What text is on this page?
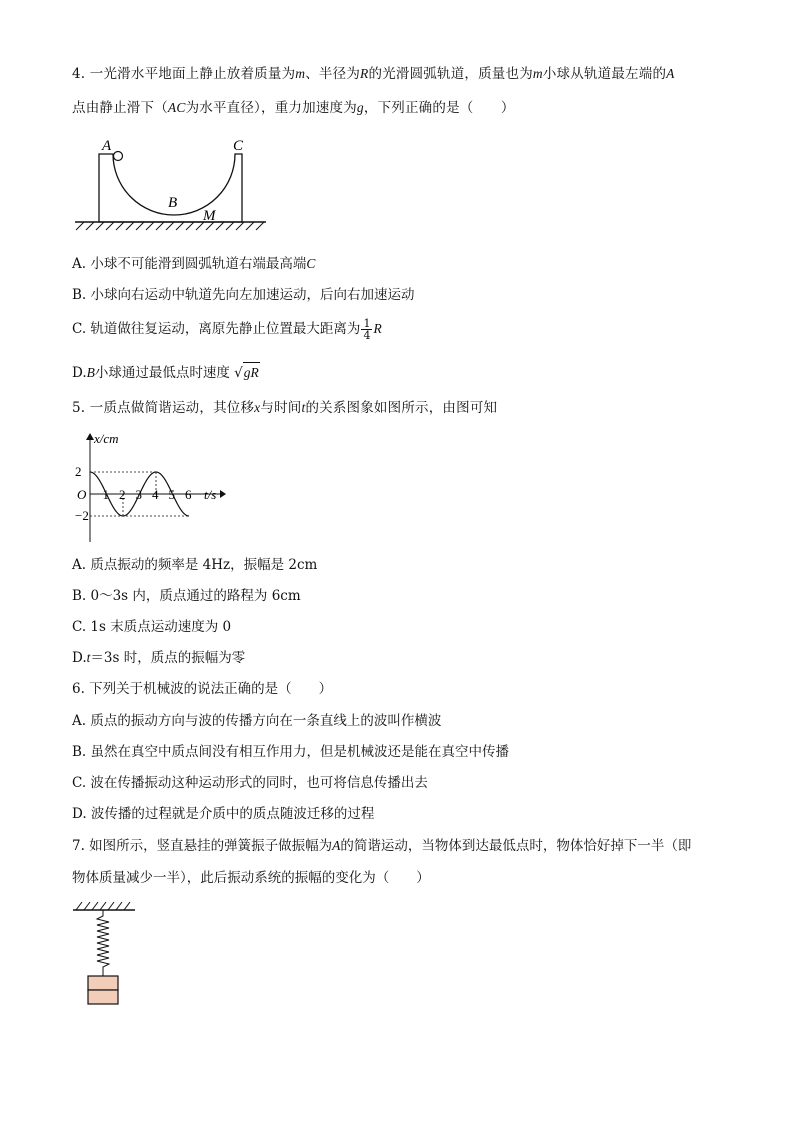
4. 一光滑水平地面上静止放着质量为m、半径为R的光滑圆弧轨道，质量也为m小球从轨道最左端的A
点由静止滑下（AC为水平直径），重力加速度为g，下列正确的是（　　）
A	C
B
M
A. 小球不可能滑到圆弧轨道右端最高端C
B. 小球向右运动中轨道先向左加速运动，后向右加速运动
C. 轨道做往复运动，离原先静止位置最大距离为 $\frac{1}{4}$ R
D.B小球通过最低点时速度 √gR
5. 一质点做简谐运动，其位移x与时间t的关系图象如图所示，由图可知
x/cm
t/s
O 1 2 3 4 5 6
2
−2
A. 质点振动的频率是 4Hz，振幅是 2cm
B. 0～3s 内，质点通过的路程为 6cm
C. 1s 末质点运动速度为 0
D.t＝3s 时，质点的振幅为零
6. 下列关于机械波的说法正确的是（　　）
A. 质点的振动方向与波的传播方向在一条直线上的波叫作横波
B. 虽然在真空中质点间没有相互作用力，但是机械波还是能在真空中传播
C. 波在传播振动这种运动形式的同时，也可将信息传播出去
D. 波传播的过程就是介质中的质点随波迁移的过程
7. 如图所示，竖直悬挂的弹簧振子做振幅为A的简谐运动，当物体到达最低点时，物体恰好掉下一半（即
物体质量减少一半），此后振动系统的振幅的变化为（　　）
